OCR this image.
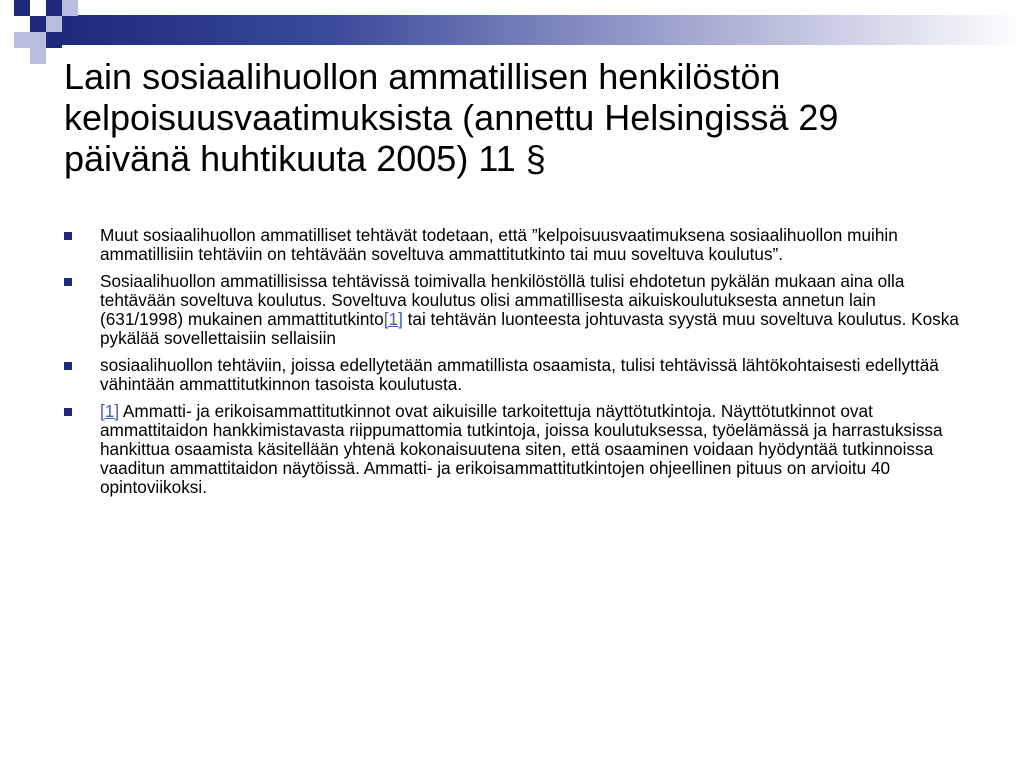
Lain sosiaalihuollon ammatillisen henkilöstön kelpoisuusvaatimuksista (annettu Helsingissä 29 päivänä huhtikuuta 2005) 11 §
Muut sosiaalihuollon ammatilliset tehtävät todetaan, että ”kelpoisuusvaatimuksena sosiaalihuollon muihin ammatillisiin tehtäviin on tehtävään soveltuva ammattitutkinto tai muu soveltuva koulutus”.
Sosiaalihuollon ammatillisissa tehtävissä toimivalla henkilöstöllä tulisi ehdotetun pykälän mukaan aina olla tehtävään soveltuva koulutus. Soveltuva koulutus olisi ammatillisesta aikuiskoulutuksesta annetun lain (631/1998) mukainen ammattitutkinto[1] tai tehtävän luonteesta johtuvasta syystä muu soveltuva koulutus. Koska pykälää sovellettaisiin sellaisiin
sosiaalihuollon tehtäviin, joissa edellytetään ammatillista osaamista, tulisi tehtävissä lähtökohtaisesti edellyttää vähintään ammattitutkinnon tasoista koulutusta.
[1] Ammatti- ja erikoisammattitutkinnot ovat aikuisille tarkoitettuja näyttötutkintoja. Näyttötutkinnot ovat ammattitaidon hankkimistavasta riippumattomia tutkintoja, joissa koulutuksessa, työelämässä ja harrastuksissa hankittua osaamista käsitellään yhtenä kokonaisuutena siten, että osaaminen voidaan hyödyntää tutkinnoissa vaaditun ammattitaidon näytöissä. Ammatti- ja erikoisammattitutkintojen ohjeellinen pituus on arvioitu 40 opintoviikoksi.
